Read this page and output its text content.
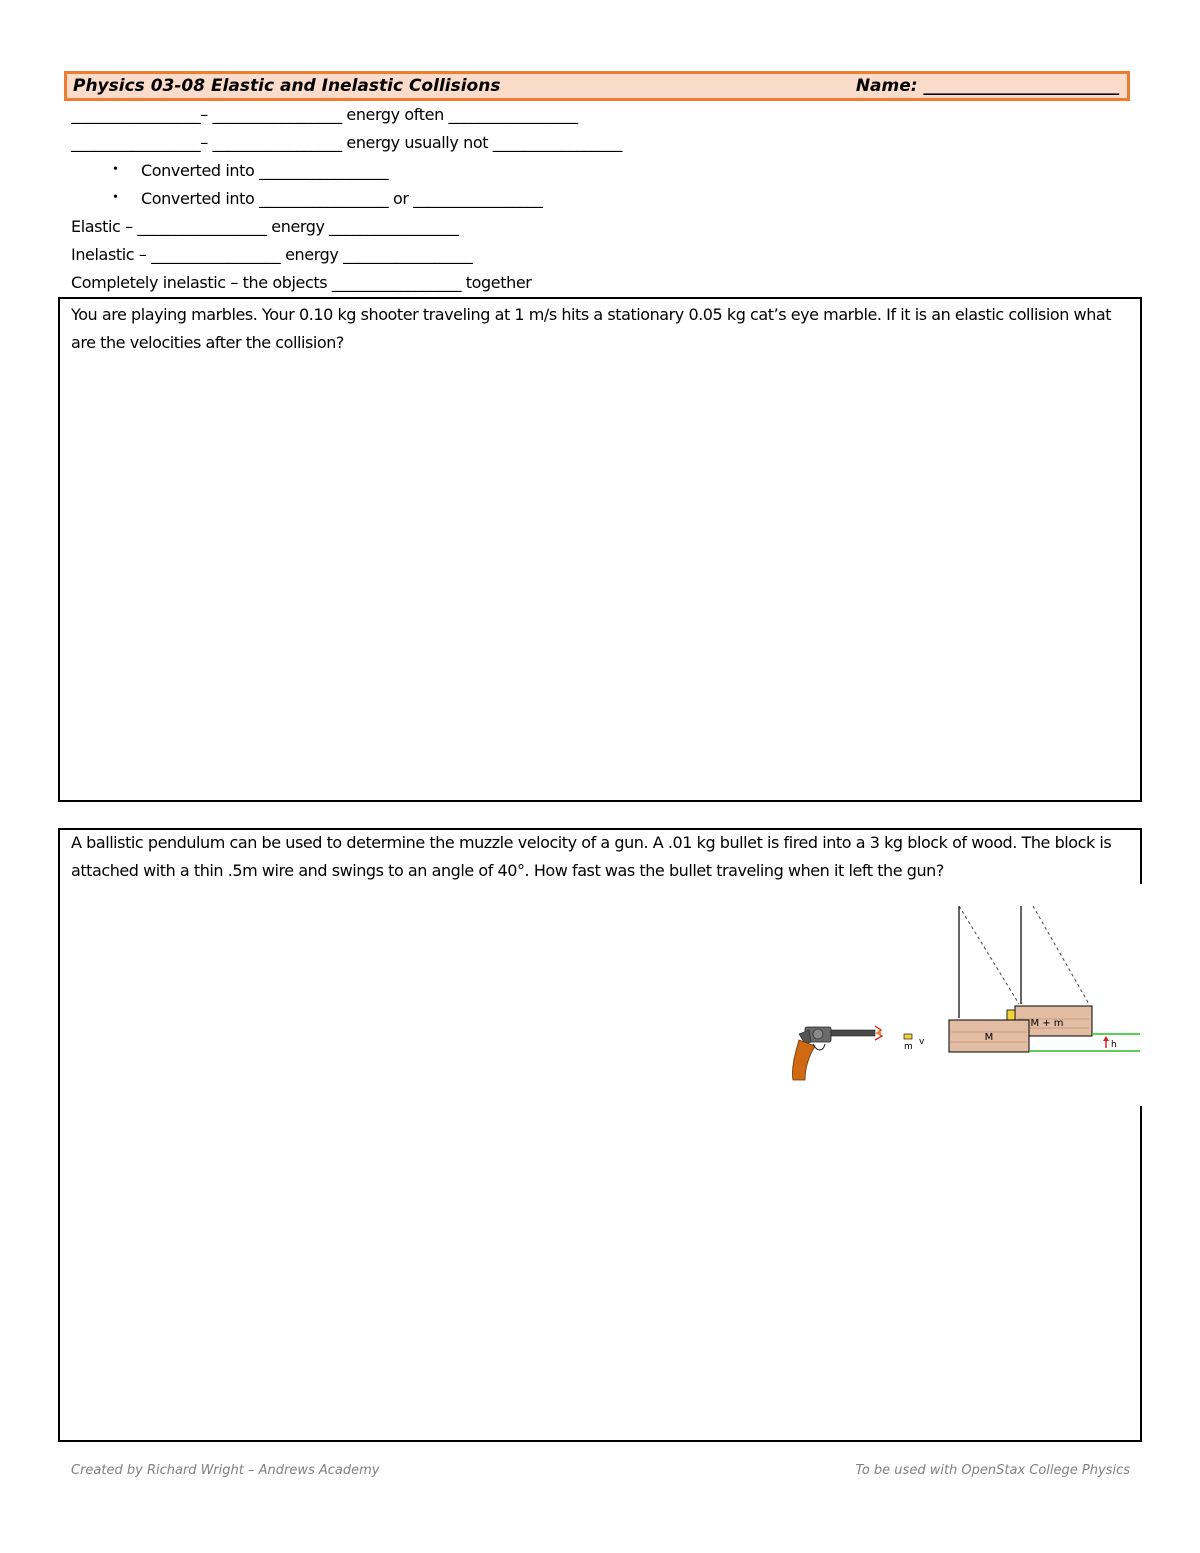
Physics 03-08 Elastic and Inelastic Collisions	Name: _______________________
_________________– _________________ energy often _________________
_________________– _________________ energy usually not _________________
• Converted into _________________
• Converted into _________________ or _________________
Elastic – _________________ energy _________________
Inelastic – _________________ energy _________________
Completely inelastic – the objects _________________ together
You are playing marbles. Your 0.10 kg shooter traveling at 1 m/s hits a stationary 0.05 kg cat’s eye marble. If it is an elastic collision what are the velocities after the collision?
A ballistic pendulum can be used to determine the muzzle velocity of a gun. A .01 kg bullet is fired into a 3 kg block of wood. The block is attached with a thin .5m wire and swings to an angle of 40°. How fast was the bullet traveling when it left the gun?
M + m
M
h
m v
Created by Richard Wright – Andrews Academy	To be used with OpenStax College Physics
